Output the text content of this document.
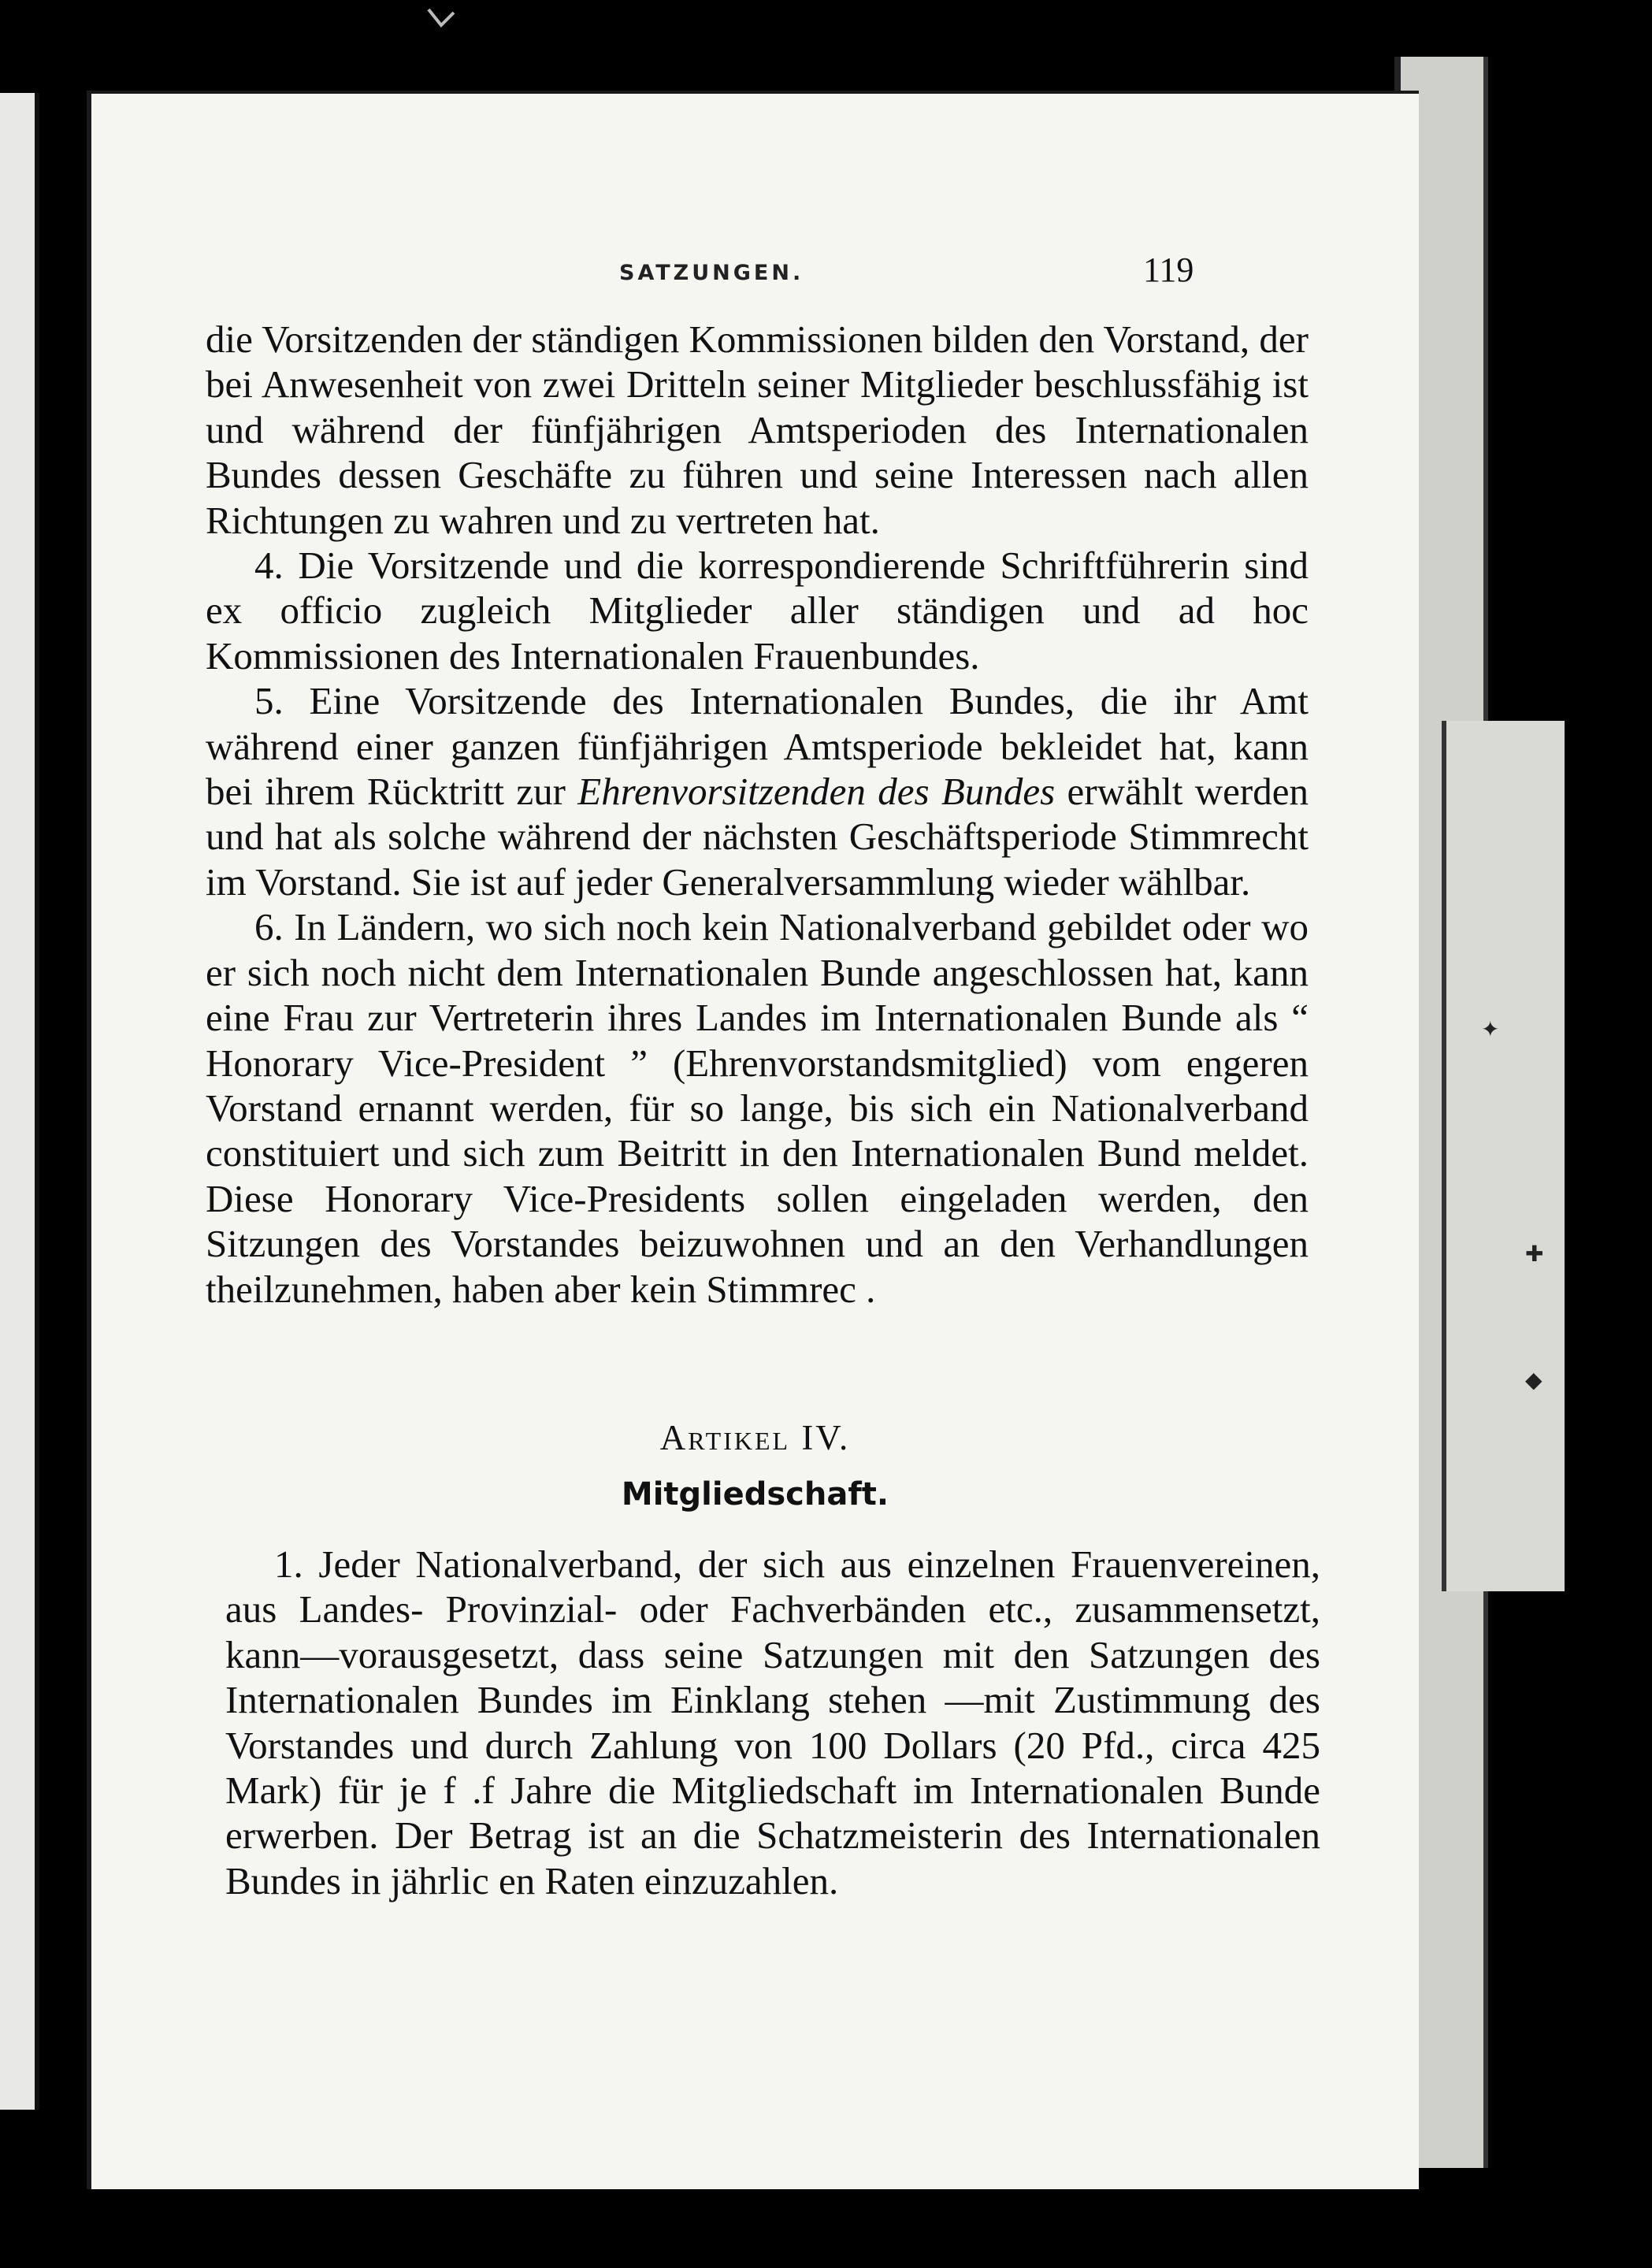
✦
✚
◆
SATZUNGEN.	119

die Vorsitzenden der ständigen Kommissionen bilden den Vorstand, der bei Anwesenheit von zwei Dritteln seiner Mitglieder beschlussfähig ist und während der fünfjährigen Amtsperioden des Internationalen Bundes dessen Geschäfte zu führen und seine Interessen nach allen Richtungen zu wahren und zu vertreten hat.

4. Die Vorsitzende und die korrespondierende Schriftführerin sind ex officio zugleich Mitglieder aller ständigen und ad hoc Kommissionen des Internationalen Frauenbundes.

5. Eine Vorsitzende des Internationalen Bundes, die ihr Amt während einer ganzen fünfjährigen Amtsperiode bekleidet hat, kann bei ihrem Rücktritt zur Ehrenvorsitzenden des Bundes erwählt werden und hat als solche während der nächsten Geschäftsperiode Stimmrecht im Vorstand. Sie ist auf jeder Generalversammlung wieder wählbar.

6. In Ländern, wo sich noch kein Nationalverband gebildet oder wo er sich noch nicht dem Internationalen Bunde angeschlossen hat, kann eine Frau zur Vertreterin ihres Landes im Internationalen Bunde als “ Honorary Vice-President ” (Ehrenvorstandsmitglied) vom engeren Vorstand ernannt werden, für so lange, bis sich ein Nationalverband constituiert und sich zum Beitritt in den Internationalen Bund meldet. Diese Honorary Vice-Presidents sollen eingeladen werden, den Sitzungen des Vorstandes beizuwohnen und an den Verhandlungen theilzunehmen, haben aber kein Stimmrec .

Artikel IV.
Mitgliedschaft.

1. Jeder Nationalverband, der sich aus einzelnen Frauenvereinen, aus Landes- Provinzial- oder Fachverbänden etc., zusammensetzt, kann—vorausgesetzt, dass seine Satzungen mit den Satzungen des Internationalen Bundes im Einklang stehen —mit Zustimmung des Vorstandes und durch Zahlung von 100 Dollars (20 Pfd., circa 425 Mark) für je f .f Jahre die Mitgliedschaft im Internationalen Bunde erwerben. Der Betrag ist an die Schatzmeisterin des Internationalen Bundes in jährlic en Raten einzuzahlen.
